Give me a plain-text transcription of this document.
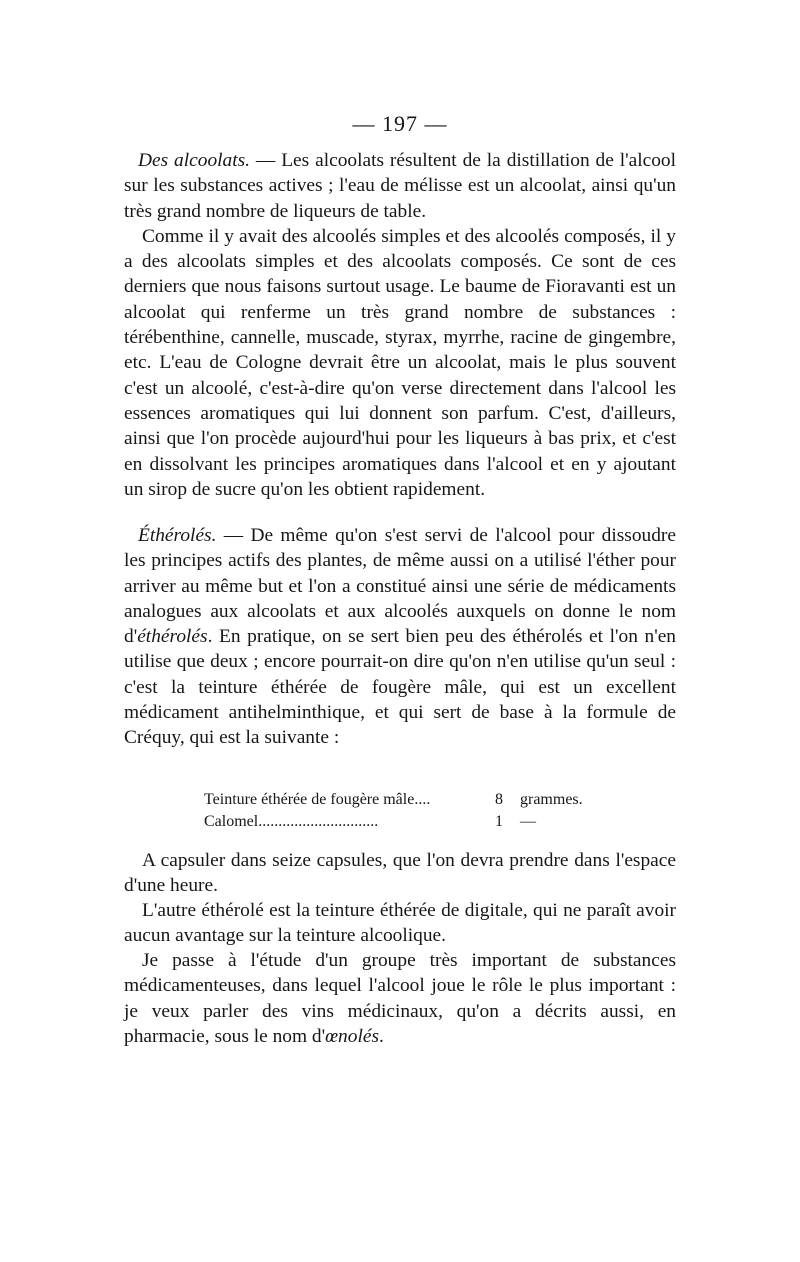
— 197 —

Des alcoolats. — Les alcoolats résultent de la distillation de l'alcool sur les substances actives ; l'eau de mélisse est un alcoolat, ainsi qu'un très grand nombre de liqueurs de table.

Comme il y avait des alcoolés simples et des alcoolés composés, il y a des alcoolats simples et des alcoolats composés. Ce sont de ces derniers que nous faisons surtout usage. Le baume de Fioravanti est un alcoolat qui renferme un très grand nombre de substances : térébenthine, cannelle, muscade, styrax, myrrhe, racine de gingembre, etc. L'eau de Cologne devrait être un alcoolat, mais le plus souvent c'est un alcoolé, c'est-à-dire qu'on verse directement dans l'alcool les essences aromatiques qui lui donnent son parfum. C'est, d'ailleurs, ainsi que l'on procède aujourd'hui pour les liqueurs à bas prix, et c'est en dissolvant les principes aromatiques dans l'alcool et en y ajoutant un sirop de sucre qu'on les obtient rapidement.

Éthérolés. — De même qu'on s'est servi de l'alcool pour dissoudre les principes actifs des plantes, de même aussi on a utilisé l'éther pour arriver au même but et l'on a constitué ainsi une série de médicaments analogues aux alcoolats et aux alcoolés auxquels on donne le nom d'éthérolés. En pratique, on se sert bien peu des éthérolés et l'on n'en utilise que deux ; encore pourrait-on dire qu'on n'en utilise qu'un seul : c'est la teinture éthérée de fougère mâle, qui est un excellent médicament antihelminthique, et qui sert de base à la formule de Créquy, qui est la suivante :

Teinture éthérée de fougère mâle....	8 grammes.
Calomel..............................	1 —

A capsuler dans seize capsules, que l'on devra prendre dans l'espace d'une heure.

L'autre éthérolé est la teinture éthérée de digitale, qui ne paraît avoir aucun avantage sur la teinture alcoolique.

Je passe à l'étude d'un groupe très important de substances médicamenteuses, dans lequel l'alcool joue le rôle le plus important : je veux parler des vins médicinaux, qu'on a décrits aussi, en pharmacie, sous le nom d'œnolés.
